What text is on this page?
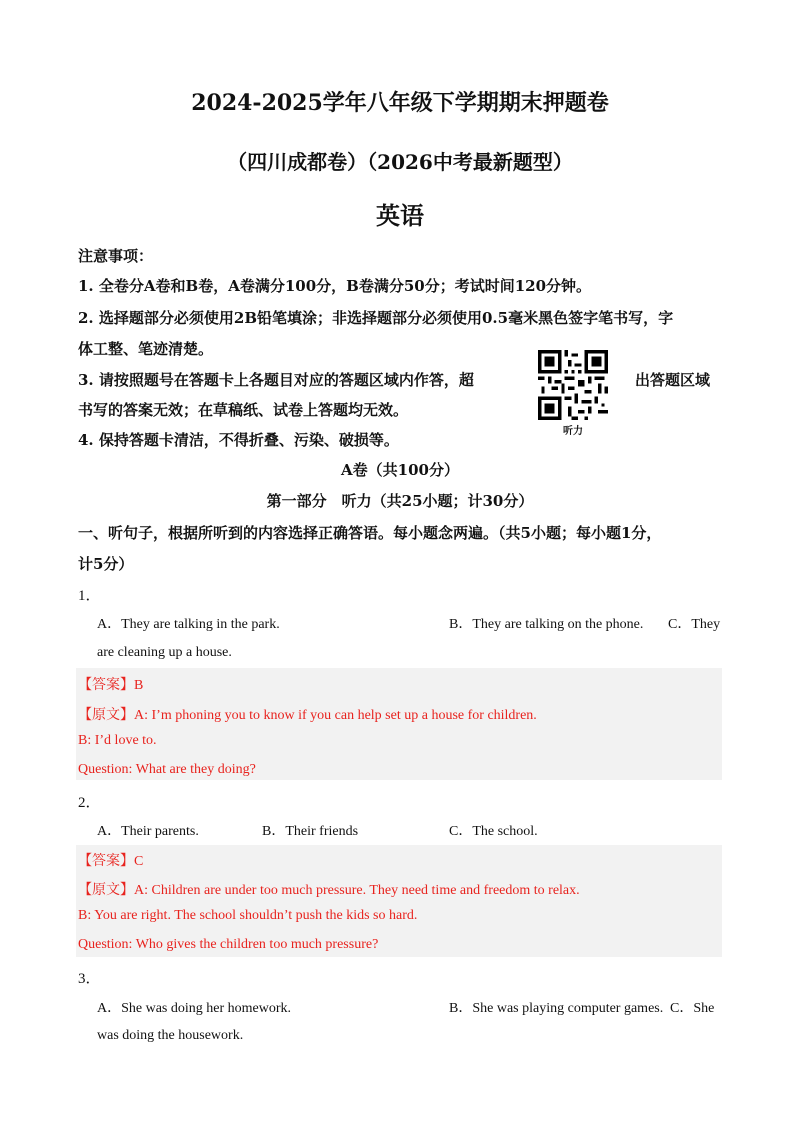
2024-2025学年八年级下学期期末押题卷
（四川成都卷）（2026中考最新题型）
英语
注意事项：
1. 全卷分A卷和B卷，A卷满分100分，B卷满分50分；考试时间120分钟。
2. 选择题部分必须使用2B铅笔填涂；非选择题部分必须使用0.5毫米黑色签字笔书写，字
体工整、笔迹清楚。
3. 请按照题号在答题卡上各题目对应的答题区域内作答，超	出答题区域
书写的答案无效；在草稿纸、试卷上答题均无效。
4. 保持答题卡清洁，不得折叠、污染、破损等。	听力
A卷（共100分）
第一部分　听力（共25小题；计30分）
一、听句子，根据所听到的内容选择正确答语。每小题念两遍。（共5小题；每小题1分，
计5分）
1．
A．They are talking in the park.	B．They are talking on the phone. C．They
are cleaning up a house.
【答案】B
【原文】A: I’m phoning you to know if you can help set up a house for children.
B: I’d love to.
Question: What are they doing?
2．
A．Their parents.	B．Their friends	C．The school.
【答案】C
【原文】A: Children are under too much pressure. They need time and freedom to relax.
B: You are right. The school shouldn’t push the kids so hard.
Question: Who gives the children too much pressure?
3．
A．She was doing her homework.	B．She was playing computer games. C．She
was doing the housework.
